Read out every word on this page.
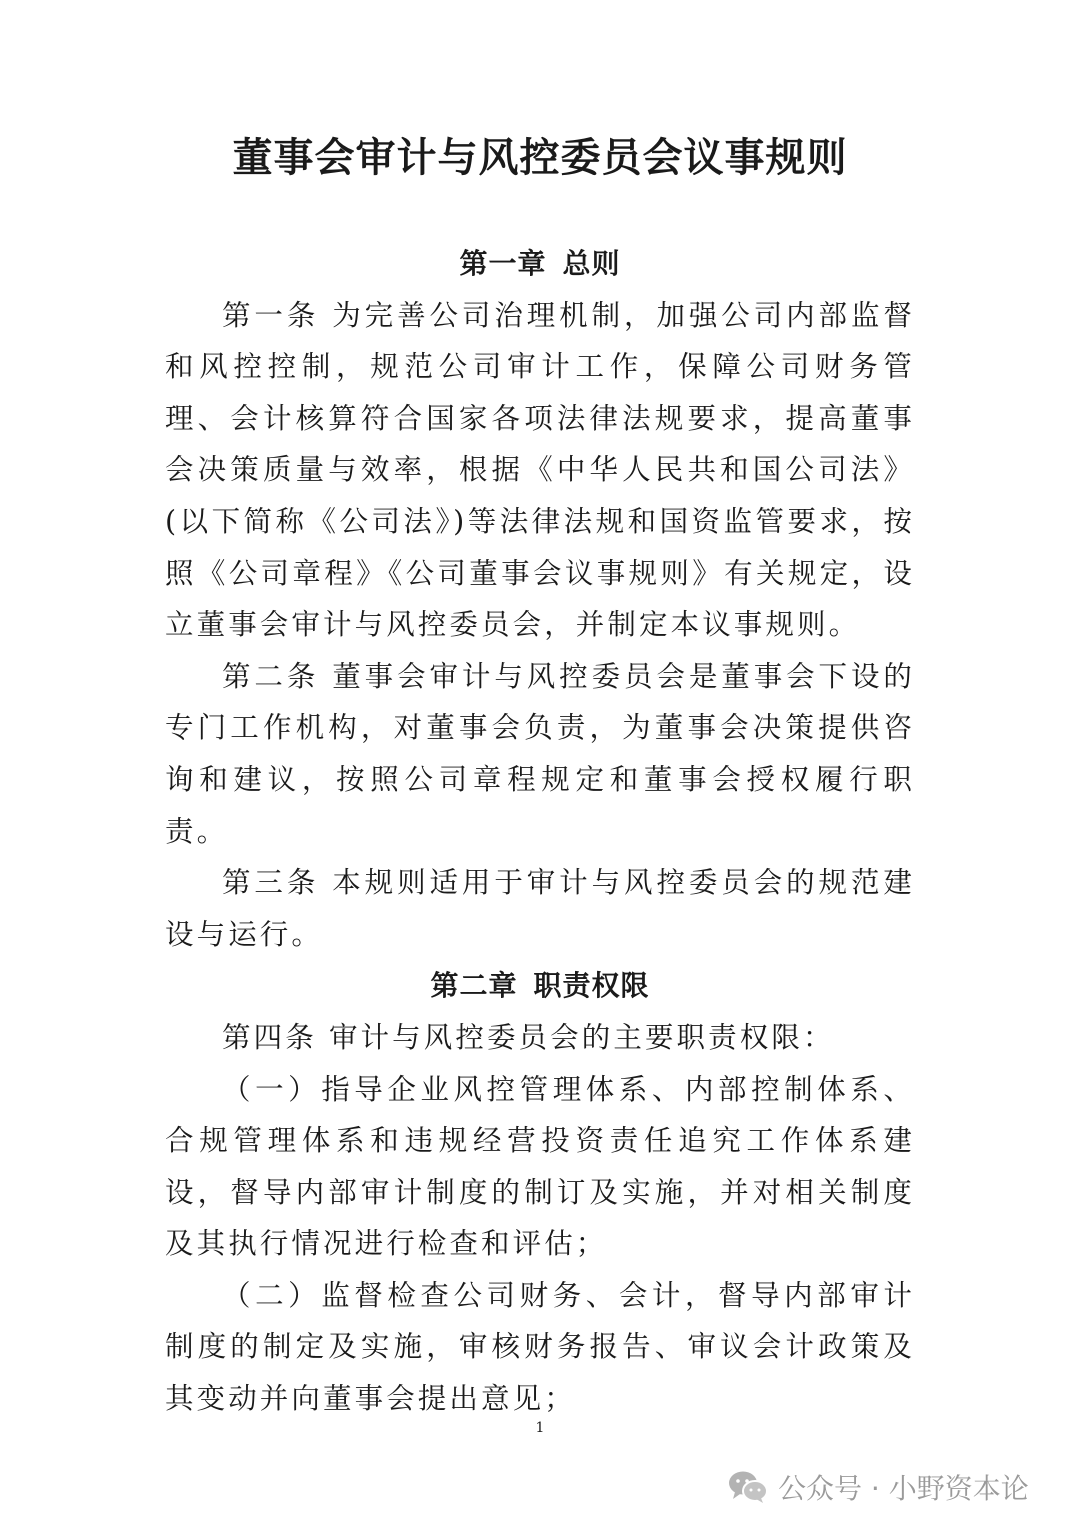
董事会审计与风控委员会议事规则
第一章 总则

第一条 为完善公司治理机制，加强公司内部监督和风控控制，规范公司审计工作，保障公司财务管理、会计核算符合国家各项法律法规要求，提高董事会决策质量与效率，根据《中华人民共和国公司法》(以下简称《公司法》)等法律法规和国资监管要求，按照《公司章程》《公司董事会议事规则》有关规定，设立董事会审计与风控委员会，并制定本议事规则。

第二条 董事会审计与风控委员会是董事会下设的专门工作机构，对董事会负责，为董事会决策提供咨询和建议，按照公司章程规定和董事会授权履行职责。

第三条 本规则适用于审计与风控委员会的规范建设与运行。

第二章 职责权限

第四条 审计与风控委员会的主要职责权限：

（一）指导企业风控管理体系、内部控制体系、合规管理体系和违规经营投资责任追究工作体系建设，督导内部审计制度的制订及实施，并对相关制度及其执行情况进行检查和评估；

（二）监督检查公司财务、会计，督导内部审计制度的制定及实施，审核财务报告、审议会计政策及其变动并向董事会提出意见；

1
公众号 · 小野资本论
